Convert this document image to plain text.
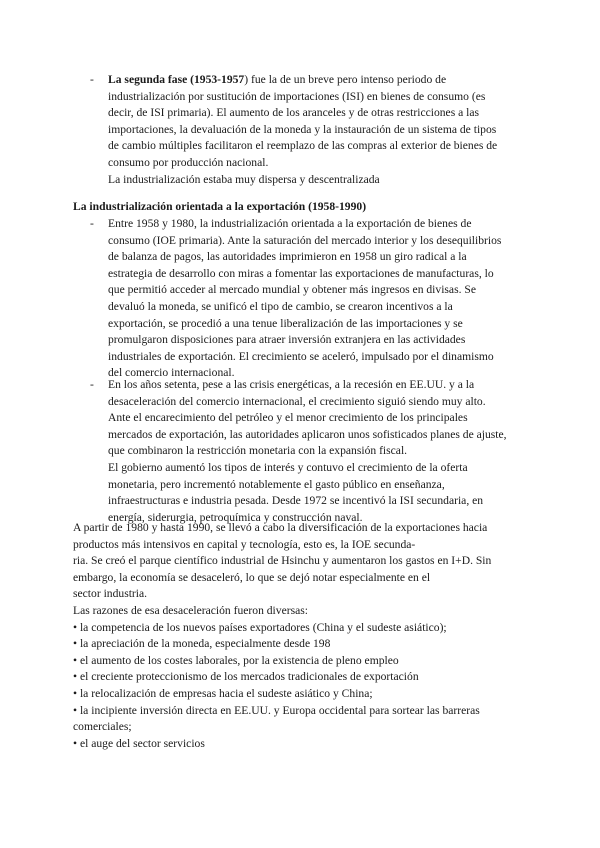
- La segunda fase (1953-1957) fue la de un breve pero intenso periodo de
industrialización por sustitución de importaciones (ISI) en bienes de consumo (es
decir, de ISI primaria). El aumento de los aranceles y de otras restricciones a las
importaciones, la devaluación de la moneda y la instauración de un sistema de tipos
de cambio múltiples facilitaron el reemplazo de las compras al exterior de bienes de
consumo por producción nacional.
La industrialización estaba muy dispersa y descentralizada
La industrialización orientada a la exportación (1958-1990)
- Entre 1958 y 1980, la industrialización orientada a la exportación de bienes de
consumo (IOE primaria). Ante la saturación del mercado interior y los desequilibrios
de balanza de pagos, las autoridades imprimieron en 1958 un giro radical a la
estrategia de desarrollo con miras a fomentar las exportaciones de manufacturas, lo
que permitió acceder al mercado mundial y obtener más ingresos en divisas. Se
devaluó la moneda, se unificó el tipo de cambio, se crearon incentivos a la
exportación, se procedió a una tenue liberalización de las importaciones y se
promulgaron disposiciones para atraer inversión extranjera en las actividades
industriales de exportación. El crecimiento se aceleró, impulsado por el dinamismo
del comercio internacional.
- En los años setenta, pese a las crisis energéticas, a la recesión en EE.UU. y a la
desaceleración del comercio internacional, el crecimiento siguió siendo muy alto.
Ante el encarecimiento del petróleo y el menor crecimiento de los principales
mercados de exportación, las autoridades aplicaron unos sofisticados planes de ajuste,
que combinaron la restricción monetaria con la expansión fiscal.
El gobierno aumentó los tipos de interés y contuvo el crecimiento de la oferta
monetaria, pero incrementó notablemente el gasto público en enseñanza,
infraestructuras e industria pesada. Desde 1972 se incentivó la ISI secundaria, en
energía, siderurgia, petroquímica y construcción naval.
A partir de 1980 y hasta 1990, se llevó a cabo la diversificación de la exportaciones hacia
productos más intensivos en capital y tecnología, esto es, la IOE secunda-
ria. Se creó el parque científico industrial de Hsinchu y aumentaron los gastos en I+D. Sin
embargo, la economía se desaceleró, lo que se dejó notar especialmente en el
sector industria.
Las razones de esa desaceleración fueron diversas:
• la competencia de los nuevos países exportadores (China y el sudeste asiático);
• la apreciación de la moneda, especialmente desde 198
• el aumento de los costes laborales, por la existencia de pleno empleo
• el creciente proteccionismo de los mercados tradicionales de exportación
• la relocalización de empresas hacia el sudeste asiático y China;
• la incipiente inversión directa en EE.UU. y Europa occidental para sortear las barreras
comerciales;
• el auge del sector servicios
